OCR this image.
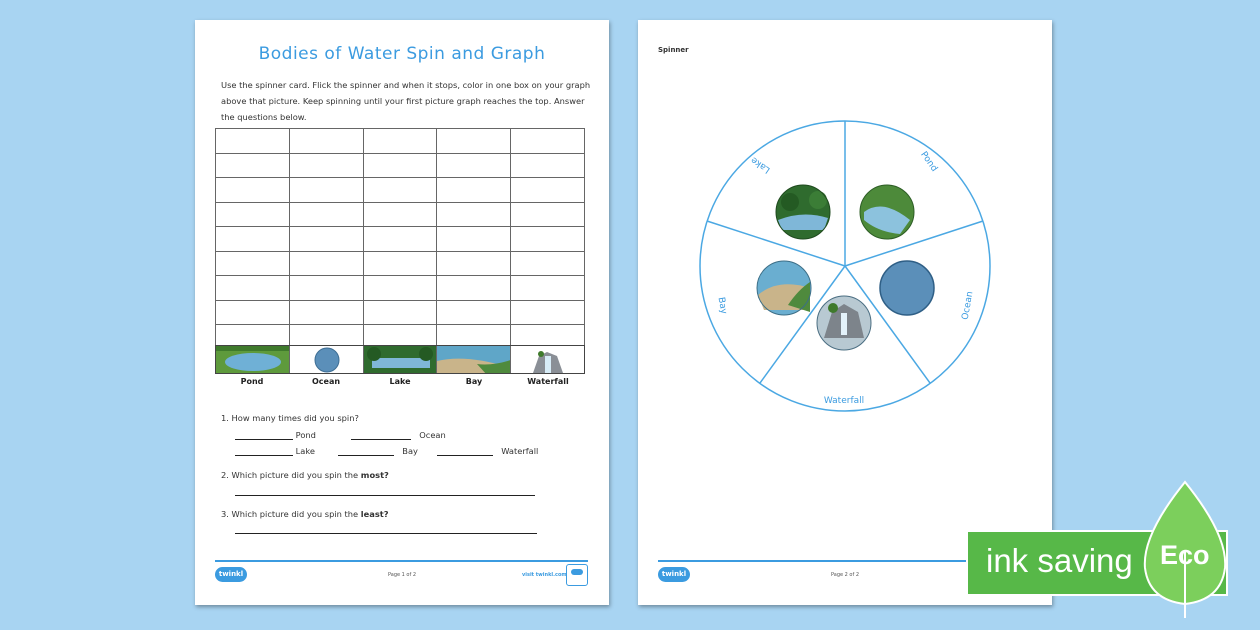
Bodies of Water Spin and Graph
Use the spinner card. Flick the spinner and when it stops, color in one box on your graph above that picture. Keep spinning until your first picture graph reaches the top. Answer the questions below.

Pond	Ocean	Lake	Bay	Waterfall
1. How many times did you spin?
Pond	Ocean
Lake	Bay	Waterfall
2. Which picture did you spin the most?
3. Which picture did you spin the least?
twinkl	Page 1 of 2	visit twinkl.com
Spinner
Pond
Ocean
Waterfall
Bay
Lake
twinkl	Page 2 of 2	ink saving Eco
